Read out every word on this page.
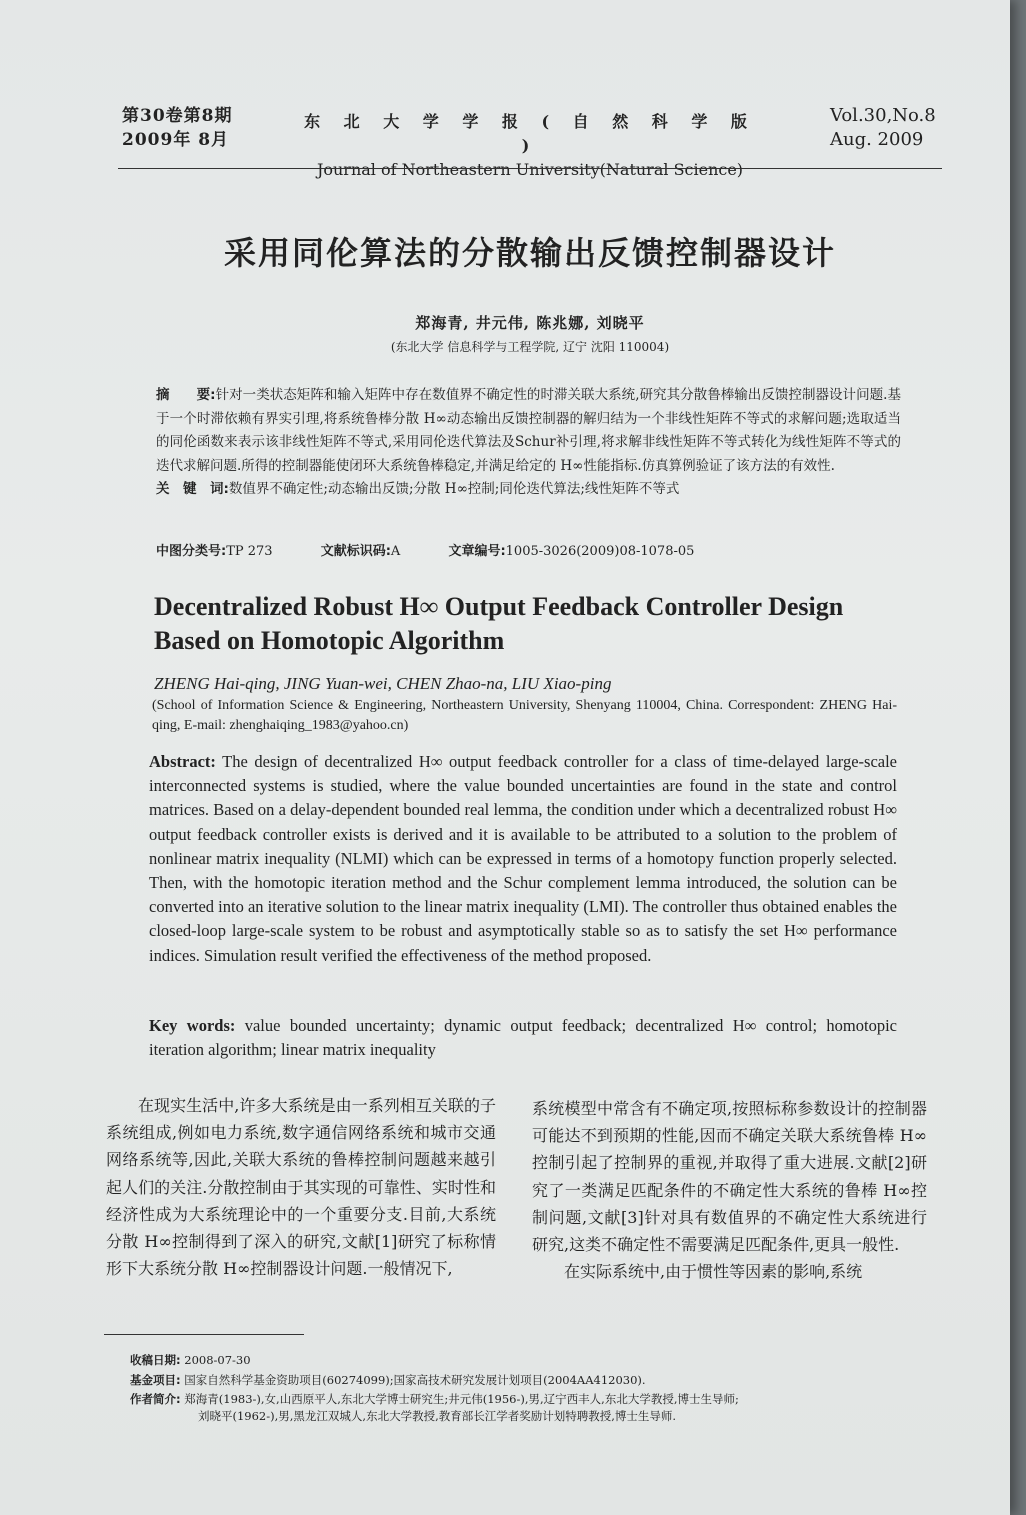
第30卷第8期
2009年 8月
东 北 大 学 学 报 ( 自 然 科 学 版 )
Journal of Northeastern University(Natural Science)
Vol.30,No.8
Aug. 2009
采用同伦算法的分散输出反馈控制器设计
郑海青, 井元伟, 陈兆娜, 刘晓平
(东北大学 信息科学与工程学院, 辽宁 沈阳 110004)
摘　　要:针对一类状态矩阵和输入矩阵中存在数值界不确定性的时滞关联大系统,研究其分散鲁棒输出反馈控制器设计问题.基于一个时滞依赖有界实引理,将系统鲁棒分散 H∞动态输出反馈控制器的解归结为一个非线性矩阵不等式的求解问题;选取适当的同伦函数来表示该非线性矩阵不等式,采用同伦迭代算法及Schur补引理,将求解非线性矩阵不等式转化为线性矩阵不等式的迭代求解问题.所得的控制器能使闭环大系统鲁棒稳定,并满足给定的 H∞性能指标.仿真算例验证了该方法的有效性.
关　键　词:数值界不确定性;动态输出反馈;分散 H∞控制;同伦迭代算法;线性矩阵不等式
中图分类号:TP 273	文献标识码:A	文章编号:1005-3026(2009)08-1078-05
Decentralized Robust H∞ Output Feedback Controller Design
Based on Homotopic Algorithm
ZHENG Hai-qing, JING Yuan-wei, CHEN Zhao-na, LIU Xiao-ping
(School of Information Science & Engineering, Northeastern University, Shenyang 110004, China. Correspondent: ZHENG Hai-qing, E-mail: zhenghaiqing_1983@yahoo.cn)
Abstract: The design of decentralized H∞ output feedback controller for a class of time-delayed large-scale interconnected systems is studied, where the value bounded uncertainties are found in the state and control matrices. Based on a delay-dependent bounded real lemma, the condition under which a decentralized robust H∞ output feedback controller exists is derived and it is available to be attributed to a solution to the problem of nonlinear matrix inequality (NLMI) which can be expressed in terms of a homotopy function properly selected. Then, with the homotopic iteration method and the Schur complement lemma introduced, the solution can be converted into an iterative solution to the linear matrix inequality (LMI). The controller thus obtained enables the closed-loop large-scale system to be robust and asymptotically stable so as to satisfy the set H∞ performance indices. Simulation result verified the effectiveness of the method proposed.
Key words: value bounded uncertainty; dynamic output feedback; decentralized H∞ control; homotopic iteration algorithm; linear matrix inequality
在现实生活中,许多大系统是由一系列相互关联的子系统组成,例如电力系统,数字通信网络系统和城市交通网络系统等,因此,关联大系统的鲁棒控制问题越来越引起人们的关注.分散控制由于其实现的可靠性、实时性和经济性成为大系统理论中的一个重要分支.目前,大系统分散 H∞控制得到了深入的研究,文献[1]研究了标称情形下大系统分散 H∞控制器设计问题.一般情况下,

系统模型中常含有不确定项,按照标称参数设计的控制器可能达不到预期的性能,因而不确定关联大系统鲁棒 H∞控制引起了控制界的重视,并取得了重大进展.文献[2]研究了一类满足匹配条件的不确定性大系统的鲁棒 H∞控制问题,文献[3]针对具有数值界的不确定性大系统进行研究,这类不确定性不需要满足匹配条件,更具一般性.

在实际系统中,由于惯性等因素的影响,系统

收稿日期: 2008-07-30
基金项目: 国家自然科学基金资助项目(60274099);国家高技术研究发展计划项目(2004AA412030).
作者简介: 郑海青(1983-),女,山西原平人,东北大学博士研究生;井元伟(1956-),男,辽宁西丰人,东北大学教授,博士生导师;
刘晓平(1962-),男,黑龙江双城人,东北大学教授,教育部长江学者奖励计划特聘教授,博士生导师.
